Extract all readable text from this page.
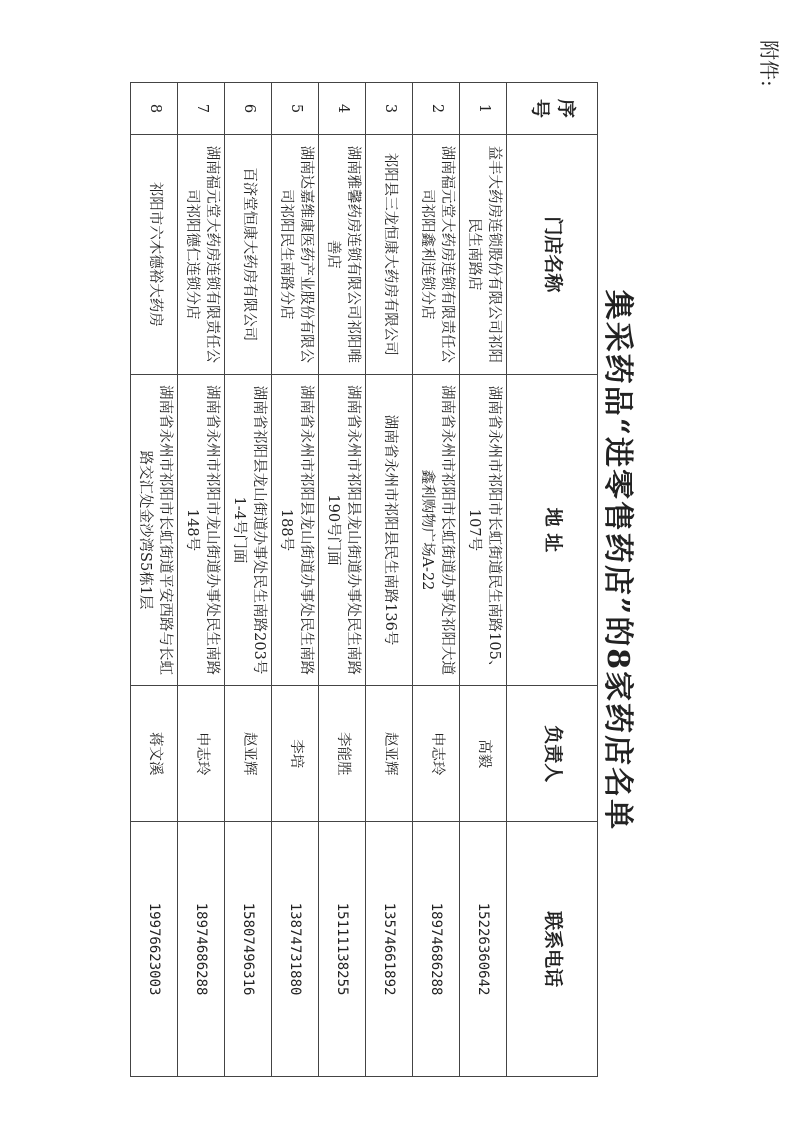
附件:
集采药品“进零售药店”的8家药店名单
序号	门店名称	地 址	负责人	联系电话
1	益丰大药房连锁股份有限公司祁阳民生南路店	湖南省永州市祁阳市长虹街道民生南路105、107号	高毅	15226360642
2	湖南福元堂大药房连锁有限责任公司祁阳鑫利连锁分店	湖南省永州市祁阳市长虹街道办事处祁阳大道鑫利购物广场A-22	申志玲	18974686288
3	祁阳县三龙恒康大药房有限公司	湖南省永州市祁阳县民生南路136号	赵亚辉	13574661892
4	湖南雅馨药房连锁有限公司祁阳唯善店	湖南省永州市祁阳县龙山街道办事处民生南路190号门面	李能胜	15111138255
5	湖南达嘉维康医药产业股份有限公司祁阳民生南路分店	湖南省永州市祁阳县龙山街道办事处民生南路188号	李培	13874731880
6	百济堂恒康大药房有限公司	湖南省祁阳县龙山街道办事处民生南路203号1-4号门面	赵亚辉	15807496316
7	湖南福元堂大药房连锁有限责任公司祁阳德仁连锁分店	湖南省永州市祁阳市龙山街道办事处民生南路148号	申志玲	18974686288
8	祁阳市六木德裕大药房	湖南省永州市祁阳市长虹街道平安西路与长虹路交汇处金沙湾S5栋1层	蒋文溪	19976623003
